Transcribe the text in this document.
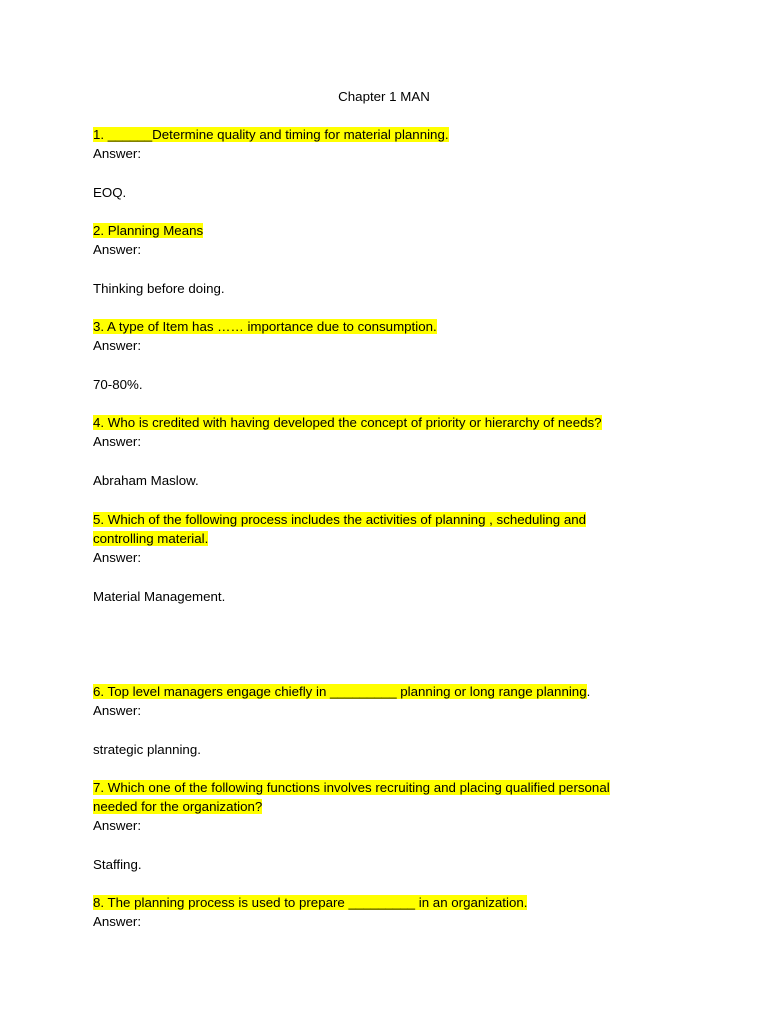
Chapter 1 MAN
1. ______Determine quality and timing for material planning.
Answer:
EOQ.
2. Planning Means
Answer:
Thinking before doing.
3. A type of Item has …… importance due to consumption.
Answer:
70-80%.
4. Who is credited with having developed the concept of priority or hierarchy of needs?
Answer:
Abraham Maslow.
5. Which of the following process includes the activities of planning , scheduling and
controlling material.
Answer:
Material Management.
6. Top level managers engage chiefly in _________ planning or long range planning.
Answer:
strategic planning.
7. Which one of the following functions involves recruiting and placing qualified personal
needed for the organization?
Answer:
Staffing.
8. The planning process is used to prepare _________ in an organization.
Answer:
